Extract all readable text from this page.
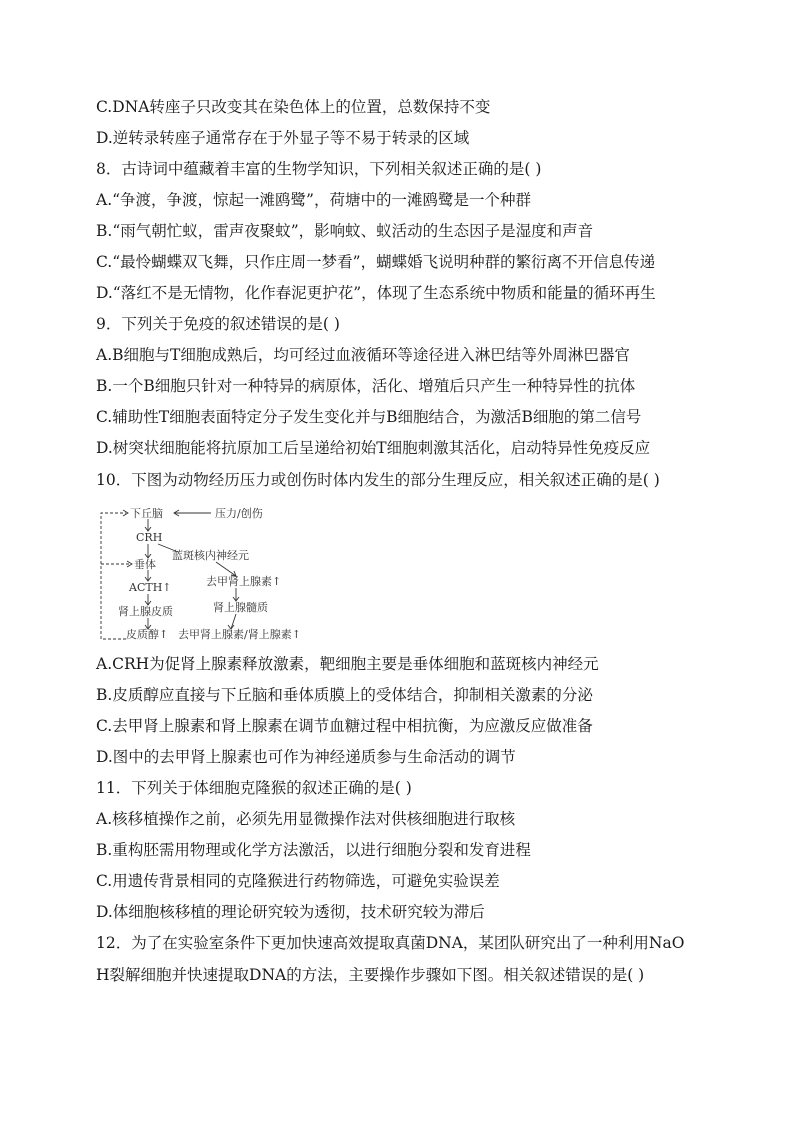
C.DNA转座子只改变其在染色体上的位置，总数保持不变
D.逆转录转座子通常存在于外显子等不易于转录的区域
8．古诗词中蕴藏着丰富的生物学知识，下列相关叙述正确的是( )
A.“争渡，争渡，惊起一滩鸥鹭”，荷塘中的一滩鸥鹭是一个种群
B.“雨气朝忙蚁，雷声夜聚蚊”，影响蚊、蚁活动的生态因子是湿度和声音
C.“最怜蝴蝶双飞舞，只作庄周一梦看”，蝴蝶婚飞说明种群的繁衍离不开信息传递
D.“落红不是无情物，化作春泥更护花”，体现了生态系统中物质和能量的循环再生
9．下列关于免疫的叙述错误的是( )
A.B细胞与T细胞成熟后，均可经过血液循环等途径进入淋巴结等外周淋巴器官
B.一个B细胞只针对一种特异的病原体，活化、增殖后只产生一种特异性的抗体
C.辅助性T细胞表面特定分子发生变化并与B细胞结合，为激活B细胞的第二信号
D.树突状细胞能将抗原加工后呈递给初始T细胞刺激其活化，启动特异性免疫反应
10．下图为动物经历压力或创伤时体内发生的部分生理反应，相关叙述正确的是( )
下丘脑	压力/创伤
CRH
蓝斑核内神经元
垂体
ACTH↑	去甲肾上腺素↑
肾上腺皮质	肾上腺髓质
皮质醇↑ 去甲肾上腺素/肾上腺素↑
A.CRH为促肾上腺素释放激素，靶细胞主要是垂体细胞和蓝斑核内神经元
B.皮质醇应直接与下丘脑和垂体质膜上的受体结合，抑制相关激素的分泌
C.去甲肾上腺素和肾上腺素在调节血糖过程中相抗衡，为应激反应做准备
D.图中的去甲肾上腺素也可作为神经递质参与生命活动的调节
11．下列关于体细胞克隆猴的叙述正确的是( )
A.核移植操作之前，必须先用显微操作法对供核细胞进行取核
B.重构胚需用物理或化学方法激活，以进行细胞分裂和发育进程
C.用遗传背景相同的克隆猴进行药物筛选，可避免实验误差
D.体细胞核移植的理论研究较为透彻，技术研究较为滞后
12．为了在实验室条件下更加快速高效提取真菌DNA，某团队研究出了一种利用NaO
H裂解细胞并快速提取DNA的方法，主要操作步骤如下图。相关叙述错误的是( )
